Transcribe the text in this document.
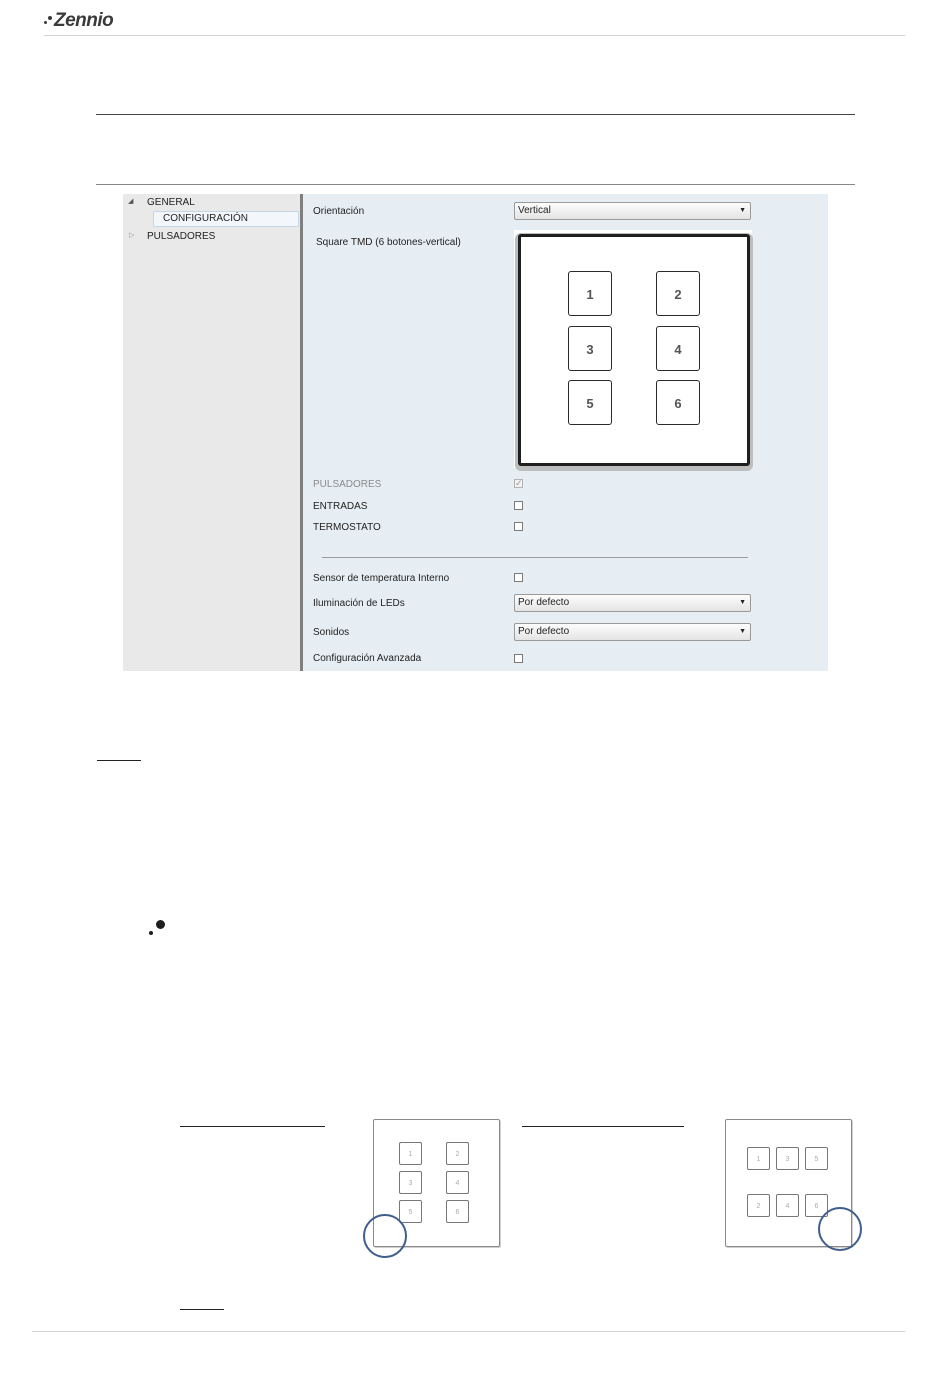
Zennio
◢ GENERAL
CONFIGURACIÓN
▷ PULSADORES
Orientación	Vertical	▼
Square TMD (6 botones-vertical)
1	2
3	4
5	6
PULSADORES	✓
ENTRADAS
TERMOSTATO
Sensor de temperatura Interno
Iluminación de LEDs	Por defecto	▼
Sonidos	Por defecto	▼
Configuración Avanzada
1	2
3	4
5	6
1	3	5
2	4	6
